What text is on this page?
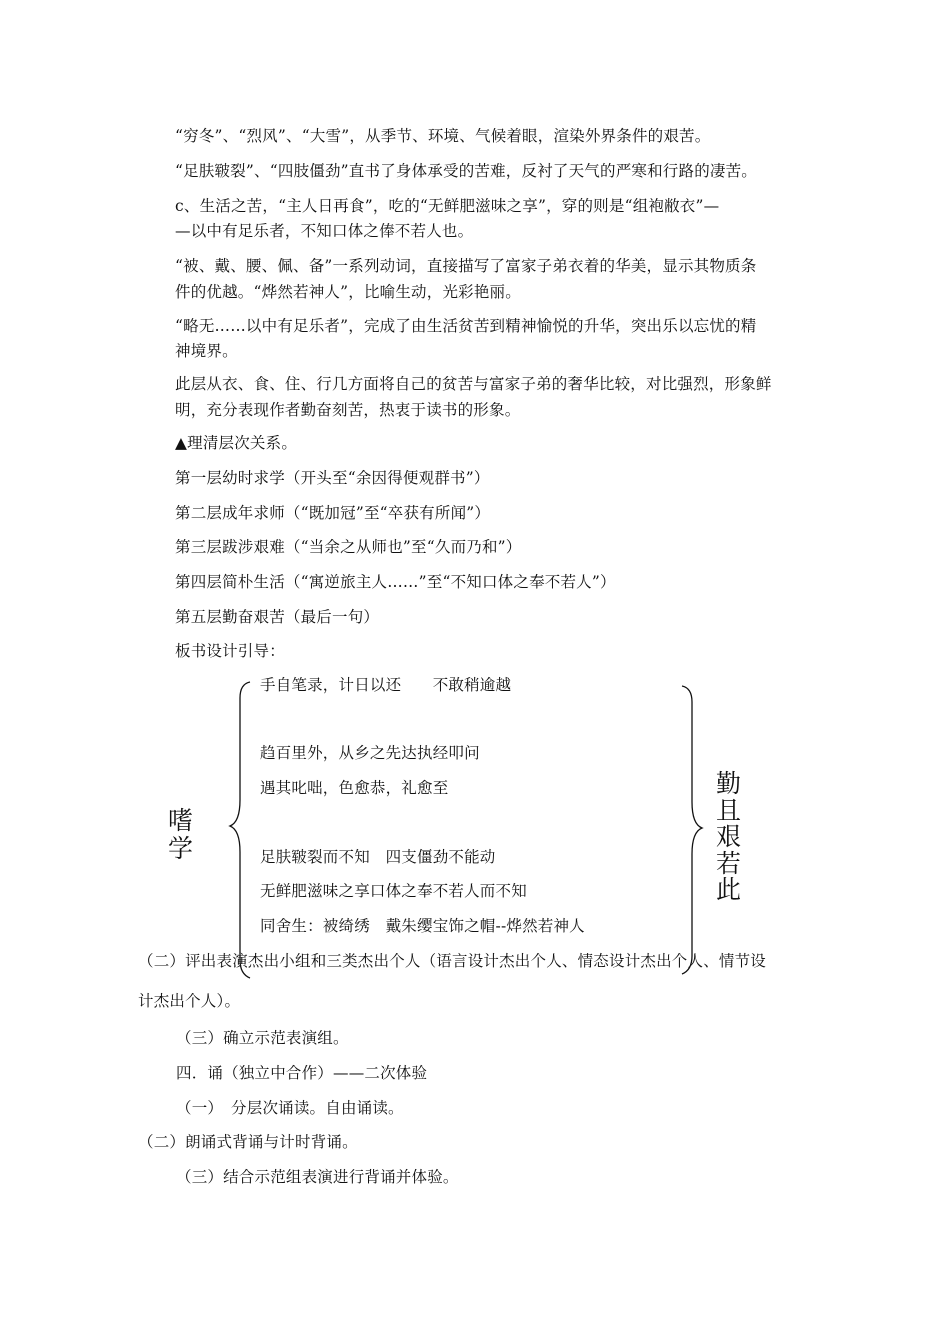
“穷冬”、“烈风”、“大雪”，从季节、环境、气候着眼，渲染外界条件的艰苦。
“足肤皲裂”、“四肢僵劲”直书了身体承受的苦难，反衬了天气的严寒和行路的凄苦。
c、生活之苦，“主人日再食”，吃的“无鲜肥滋味之享”，穿的则是“组袍敝衣”—
—以中有足乐者，不知口体之俸不若人也。
“被、戴、腰、佩、备”一系列动词，直接描写了富家子弟衣着的华美，显示其物质条
件的优越。“烨然若神人”，比喻生动，光彩艳丽。
“略无……以中有足乐者”，完成了由生活贫苦到精神愉悦的升华，突出乐以忘忧的精
神境界。
此层从衣、食、住、行几方面将自己的贫苦与富家子弟的奢华比较，对比强烈，形象鲜
明，充分表现作者勤奋刻苦，热衷于读书的形象。
▲理清层次关系。
第一层幼时求学（开头至“余因得便观群书”）
第二层成年求师（“既加冠”至“卒获有所闻”）
第三层跋涉艰难（“当余之从师也”至“久而乃和”）
第四层简朴生活（“寓逆旅主人……”至“不知口体之奉不若人”）
第五层勤奋艰苦（最后一句）
板书设计引导：
嗜
学
手自笔录，计日以还　　不敢稍逾越
趋百里外，从乡之先达执经叩问
遇其叱咄，色愈恭，礼愈至
足肤皲裂而不知　四支僵劲不能动
无鲜肥滋味之享口体之奉不若人而不知
同舍生：被绮绣　戴朱缨宝饰之帽--烨然若神人
勤
且
艰
若
此
（二）评出表演杰出小组和三类杰出个人（语言设计杰出个人、情态设计杰出个人、情节设
计杰出个人）。
（三）确立示范表演组。
四．诵（独立中合作）——二次体验
（一）　分层次诵读。自由诵读。
（二）朗诵式背诵与计时背诵。
（三）结合示范组表演进行背诵并体验。
